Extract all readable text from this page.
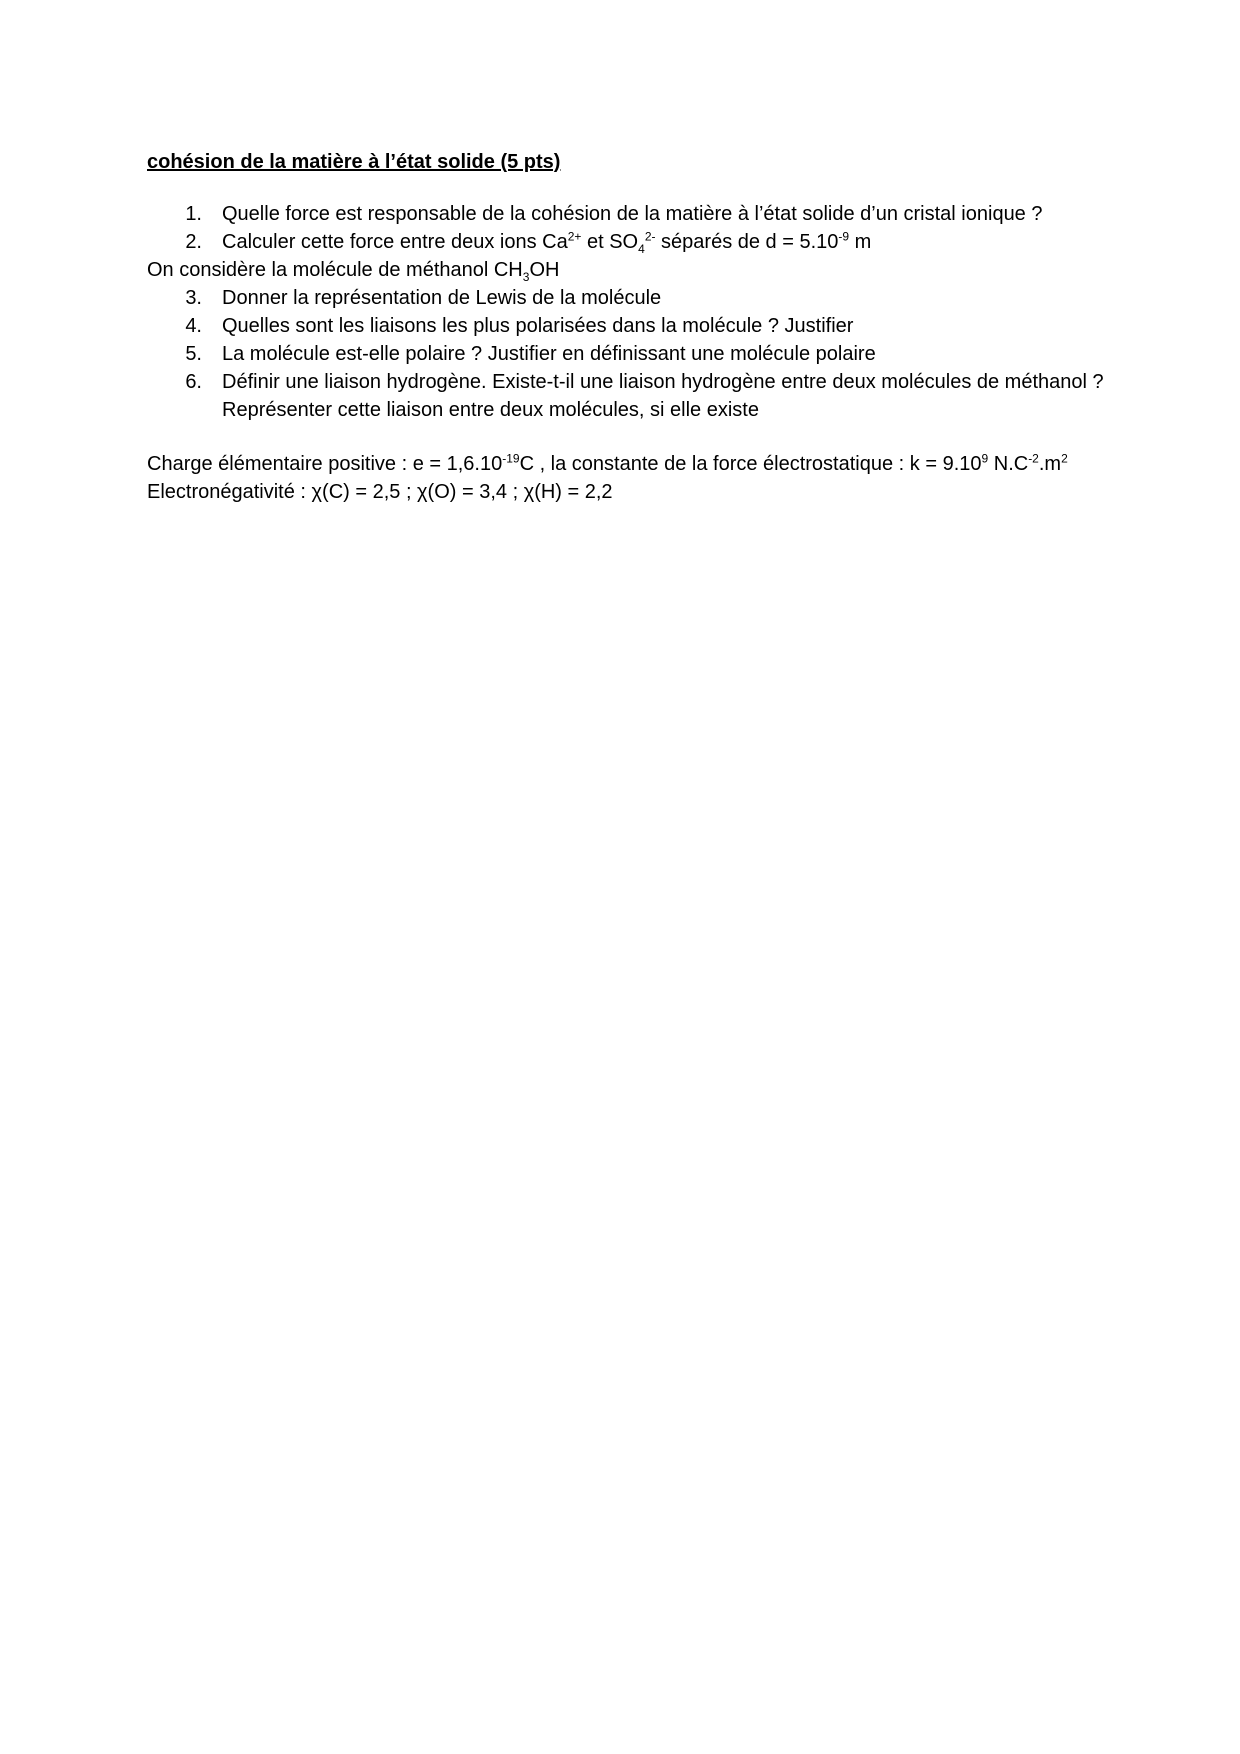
cohésion de la matière à l’état solide (5 pts)
1.	Quelle force est responsable de la cohésion de la matière à l’état solide d’un cristal ionique ?
2.	Calculer cette force entre deux ions $Ca^{2+}$ et $SO_4^{2-}$ séparés de $d = 5.10^{-9}$ m
On considère la molécule de méthanol $CH_3OH$
3.	Donner la représentation de Lewis de la molécule
4.	Quelles sont les liaisons les plus polarisées dans la molécule ? Justifier
5.	La molécule est-elle polaire ? Justifier en définissant une molécule polaire
6.	Définir une liaison hydrogène. Existe-t-il une liaison hydrogène entre deux molécules de méthanol ?
Représenter cette liaison entre deux molécules, si elle existe
Charge élémentaire positive : $e = 1,6.10^{-19}C$ , la constante de la force électrostatique : $k = 9.10^9$ $N.C^{-2}.m^2$
Electronégativité : χ(C) = 2,5 ; χ(O) = 3,4 ; χ(H) = 2,2
